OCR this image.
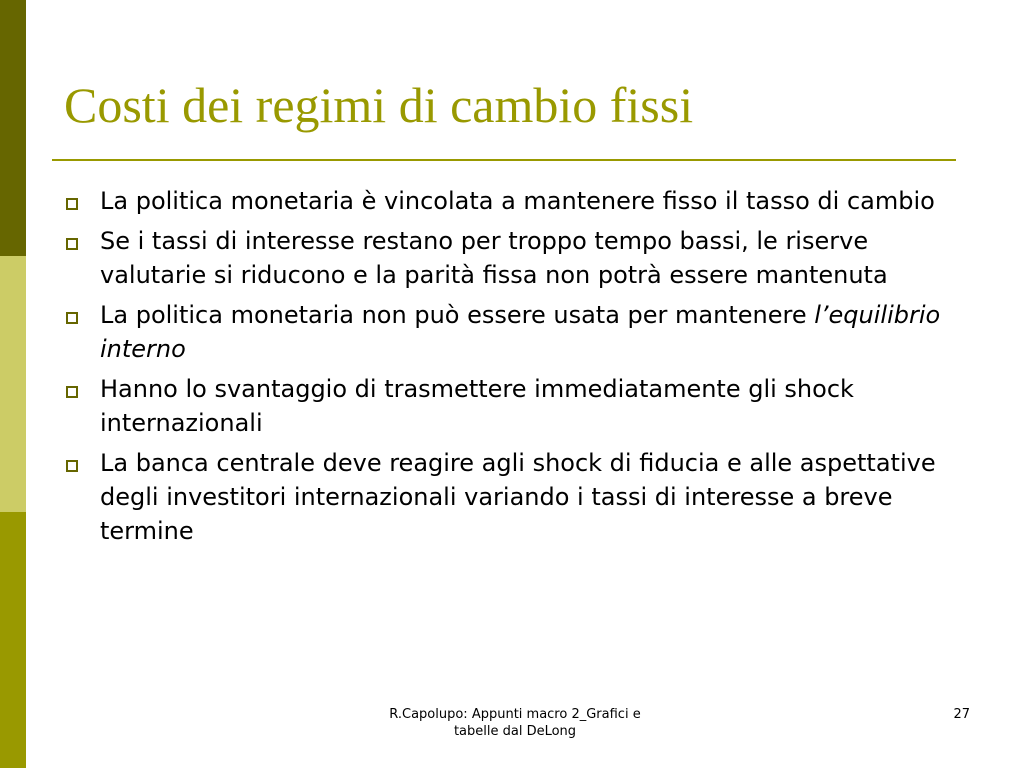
Costi dei regimi di cambio fissi
La politica monetaria è vincolata a mantenere fisso il tasso di cambio
Se i tassi di interesse restano per troppo tempo bassi, le riserve valutarie si riducono e la parità fissa non potrà essere mantenuta
La politica monetaria non può essere usata per mantenere l’equilibrio interno
Hanno lo svantaggio di trasmettere immediatamente gli shock internazionali
La banca centrale deve reagire agli shock di fiducia e alle aspettative degli investitori internazionali variando i tassi di interesse a breve termine
R.Capolupo: Appunti macro 2_Grafici e
tabelle dal DeLong
27
